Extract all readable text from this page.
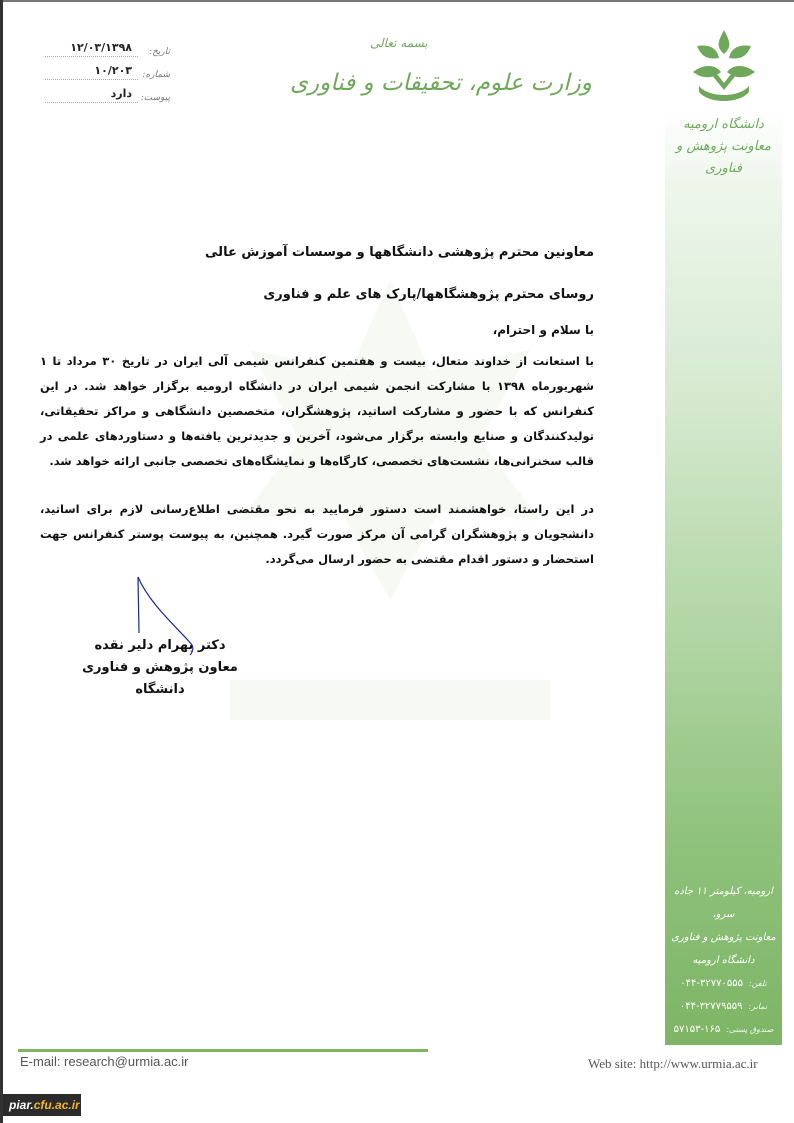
دانشگاه ارومیه
معاونت پژوهش و
فناوری
تاریخ:
۱۲/۰۳/۱۳۹۸
شماره:
۱۰/۲۰۳
پیوست:
دارد
بسمه تعالی
وزارت علوم، تحقیقات و فناوری
معاونین محترم پژوهشی دانشگاهها و موسسات آموزش عالی
روسای محترم پژوهشگاهها/پارک های علم و فناوری
با سلام و احترام،
با استعانت از خداوند متعال، بیست و هفتمین کنفرانس شیمی آلی ایران در تاریخ ۳۰ مرداد تا ۱ شهریورماه ۱۳۹۸ با مشارکت انجمن شیمی ایران در دانشگاه ارومیه برگزار خواهد شد. در این کنفرانس که با حضور و مشارکت اساتید، پژوهشگران، متخصصین دانشگاهی و مراکز تحقیقاتی، تولیدکنندگان و صنایع وابسته برگزار می‌شود، آخرین و جدیدترین یافته‌ها و دستاوردهای علمی در قالب سخنرانی‌ها، نشست‌های تخصصی، کارگاه‌ها و نمایشگاه‌های تخصصی جانبی ارائه خواهد شد.
در این راستا، خواهشمند است دستور فرمایید به نحو مقتضی اطلاع‌رسانی لازم برای اساتید، دانشجویان و پژوهشگران گرامی آن مرکز صورت گیرد. همچنین، به پیوست پوستر کنفرانس جهت استحضار و دستور اقدام مقتضی به حضور ارسال می‌گردد.
دکتر بهرام دلیر نقده
معاون پژوهش و فناوری دانشگاه
ارومیه، کیلومتر ۱۱ جاده سرو،
معاونت پژوهش و فناوری
دانشگاه ارومیه
تلفن:
۰۴۴-۳۲۷۷۰۵۵۵
نمابر:
۰۴۴-۳۲۷۷۹۵۵۹
صندوق پستی:
۵۷۱۵۳-۱۶۵
E-mail: research@urmia.ac.ir	Web site: http://www.urmia.ac.ir
piar.cfu.ac.ir
